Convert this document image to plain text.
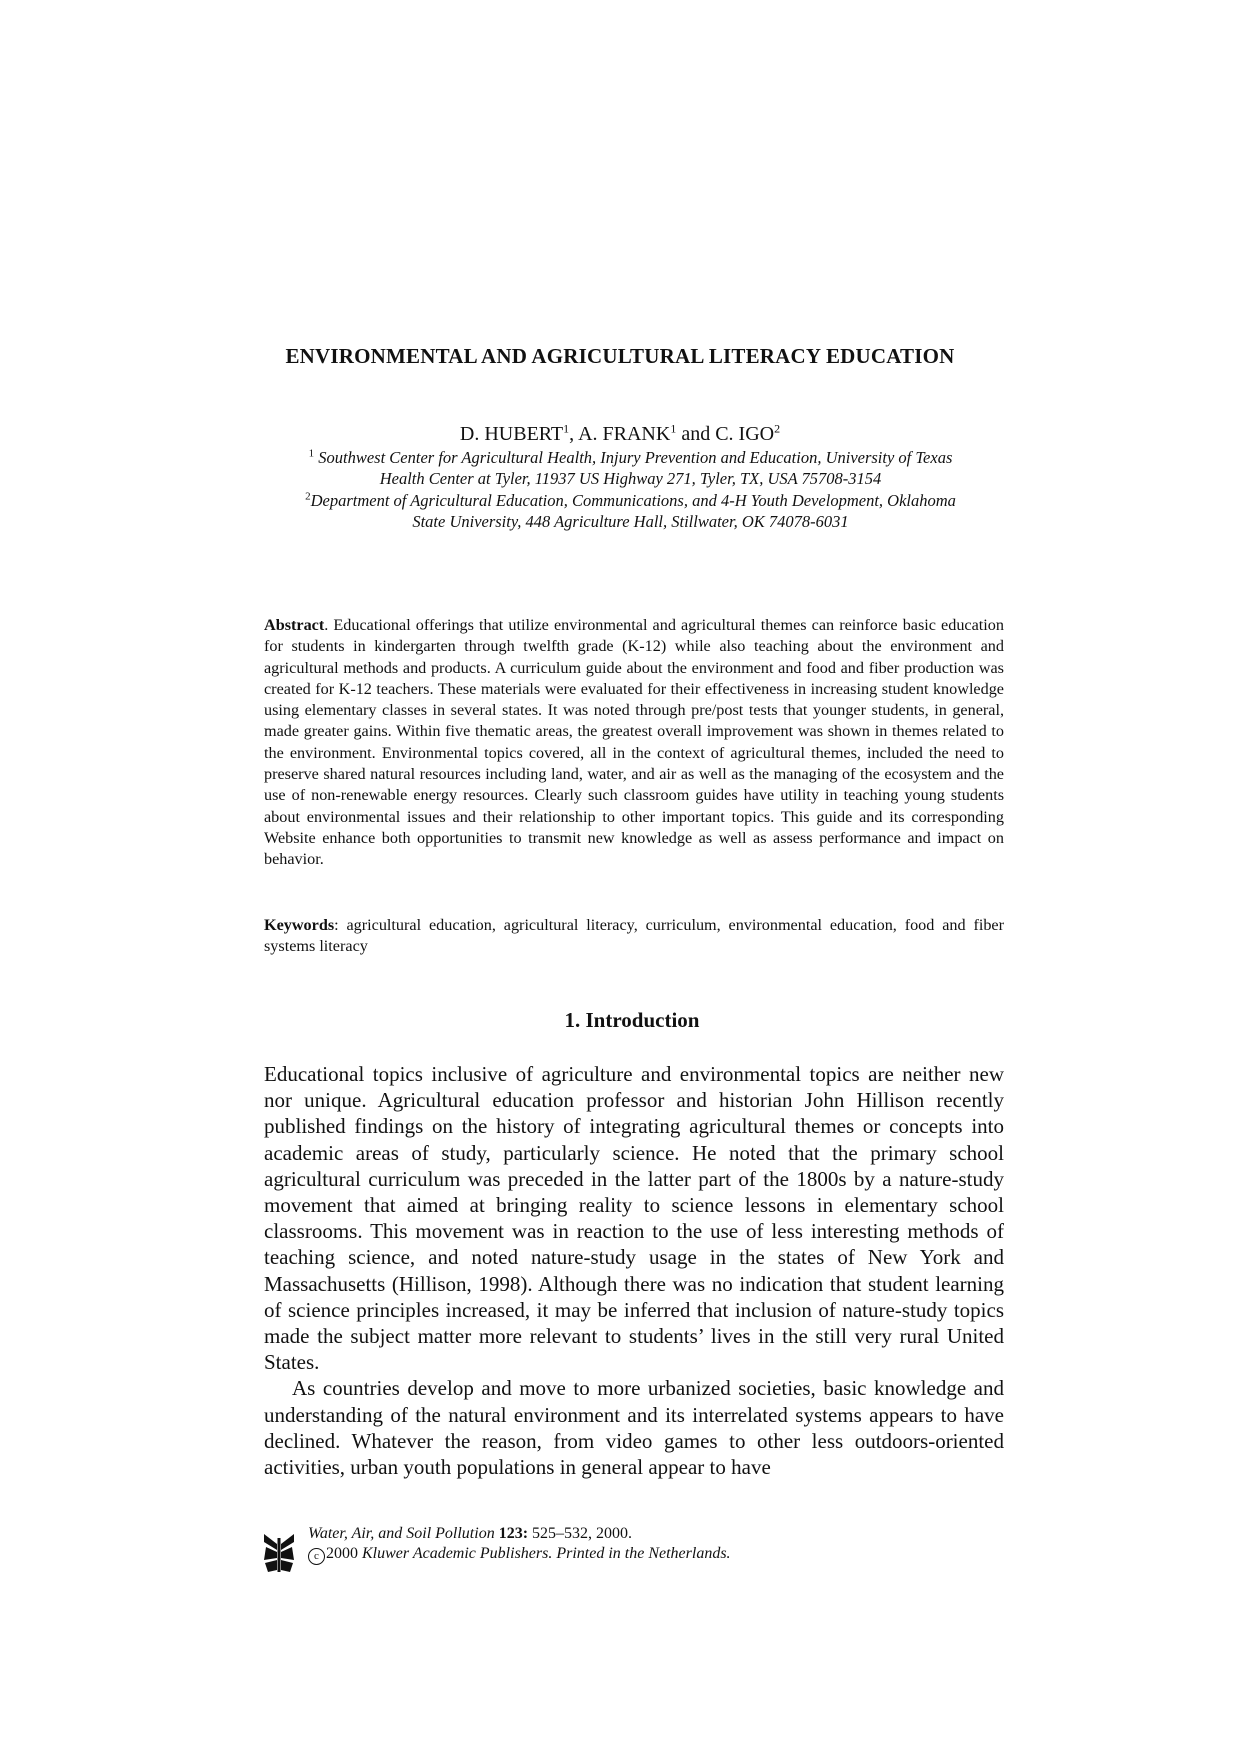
ENVIRONMENTAL AND AGRICULTURAL LITERACY EDUCATION
D. HUBERT$^1$, A. FRANK$^1$ and C. IGO$^2$
$^1$ Southwest Center for Agricultural Health, Injury Prevention and Education, University of Texas
Health Center at Tyler, 11937 US Highway 271, Tyler, TX, USA 75708-3154
$^2$Department of Agricultural Education, Communications, and 4-H Youth Development, Oklahoma
State University, 448 Agriculture Hall, Stillwater, OK 74078-6031
Abstract. Educational offerings that utilize environmental and agricultural themes can reinforce basic education for students in kindergarten through twelfth grade (K-12) while also teaching about the environment and agricultural methods and products. A curriculum guide about the environment and food and fiber production was created for K-12 teachers. These materials were evaluated for their effectiveness in increasing student knowledge using elementary classes in several states. It was noted through pre/post tests that younger students, in general, made greater gains. Within five thematic areas, the greatest overall improvement was shown in themes related to the environment. Environmental topics covered, all in the context of agricultural themes, included the need to preserve shared natural resources including land, water, and air as well as the managing of the ecosystem and the use of non-renewable energy resources. Clearly such classroom guides have utility in teaching young students about environmental issues and their relationship to other important topics. This guide and its corresponding Website enhance both opportunities to transmit new knowledge as well as assess performance and impact on behavior.
Keywords: agricultural education, agricultural literacy, curriculum, environmental education, food and fiber systems literacy
1. Introduction

Educational topics inclusive of agriculture and environmental topics are neither new nor unique. Agricultural education professor and historian John Hillison recently published findings on the history of integrating agricultural themes or concepts into academic areas of study, particularly science. He noted that the primary school agricultural curriculum was preceded in the latter part of the 1800s by a nature-study movement that aimed at bringing reality to science lessons in elementary school classrooms. This movement was in reaction to the use of less interesting methods of teaching science, and noted nature-study usage in the states of New York and Massachusetts (Hillison, 1998). Although there was no indication that student learning of science principles increased, it may be inferred that inclusion of nature-study topics made the subject matter more relevant to students’ lives in the still very rural United States.

As countries develop and move to more urbanized societies, basic knowledge and understanding of the natural environment and its interrelated systems appears to have declined. Whatever the reason, from video games to other less outdoors-oriented activities, urban youth populations in general appear to have

Water, Air, and Soil Pollution 123: 525–532, 2000.
c 2000 Kluwer Academic Publishers. Printed in the Netherlands.
